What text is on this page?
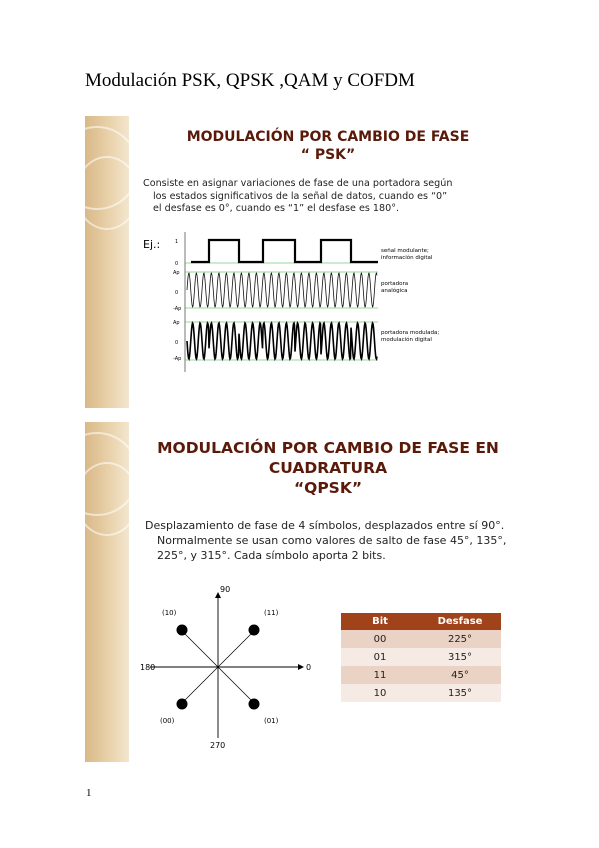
Modulación PSK, QPSK ,QAM y COFDM
MODULACIÓN POR CAMBIO DE FASE
“ PSK”
Consiste en asignar variaciones de fase de una portadora según
los estados significativos de la señal de datos, cuando es “0”
el desfase es 0°, cuando es “1” el desfase es 180°.
Ej.:	1
0
Ap
0
-Ap
Ap
0
-Ap
señal modulante;
información digital
portadora
analógica
portadora modulada;
modulación digital
MODULACIÓN POR CAMBIO DE FASE EN
CUADRATURA
“QPSK”
Desplazamiento de fase de 4 símbolos, desplazados entre sí 90°.
Normalmente se usan como valores de salto de fase 45°, 135°,
225°, y 315°. Cada símbolo aporta 2 bits.
90
180	0
270
(10)	(11)
(00)	(01)
Bit	Desfase
00	225°
01	315°
11	45°
10	135°
1
